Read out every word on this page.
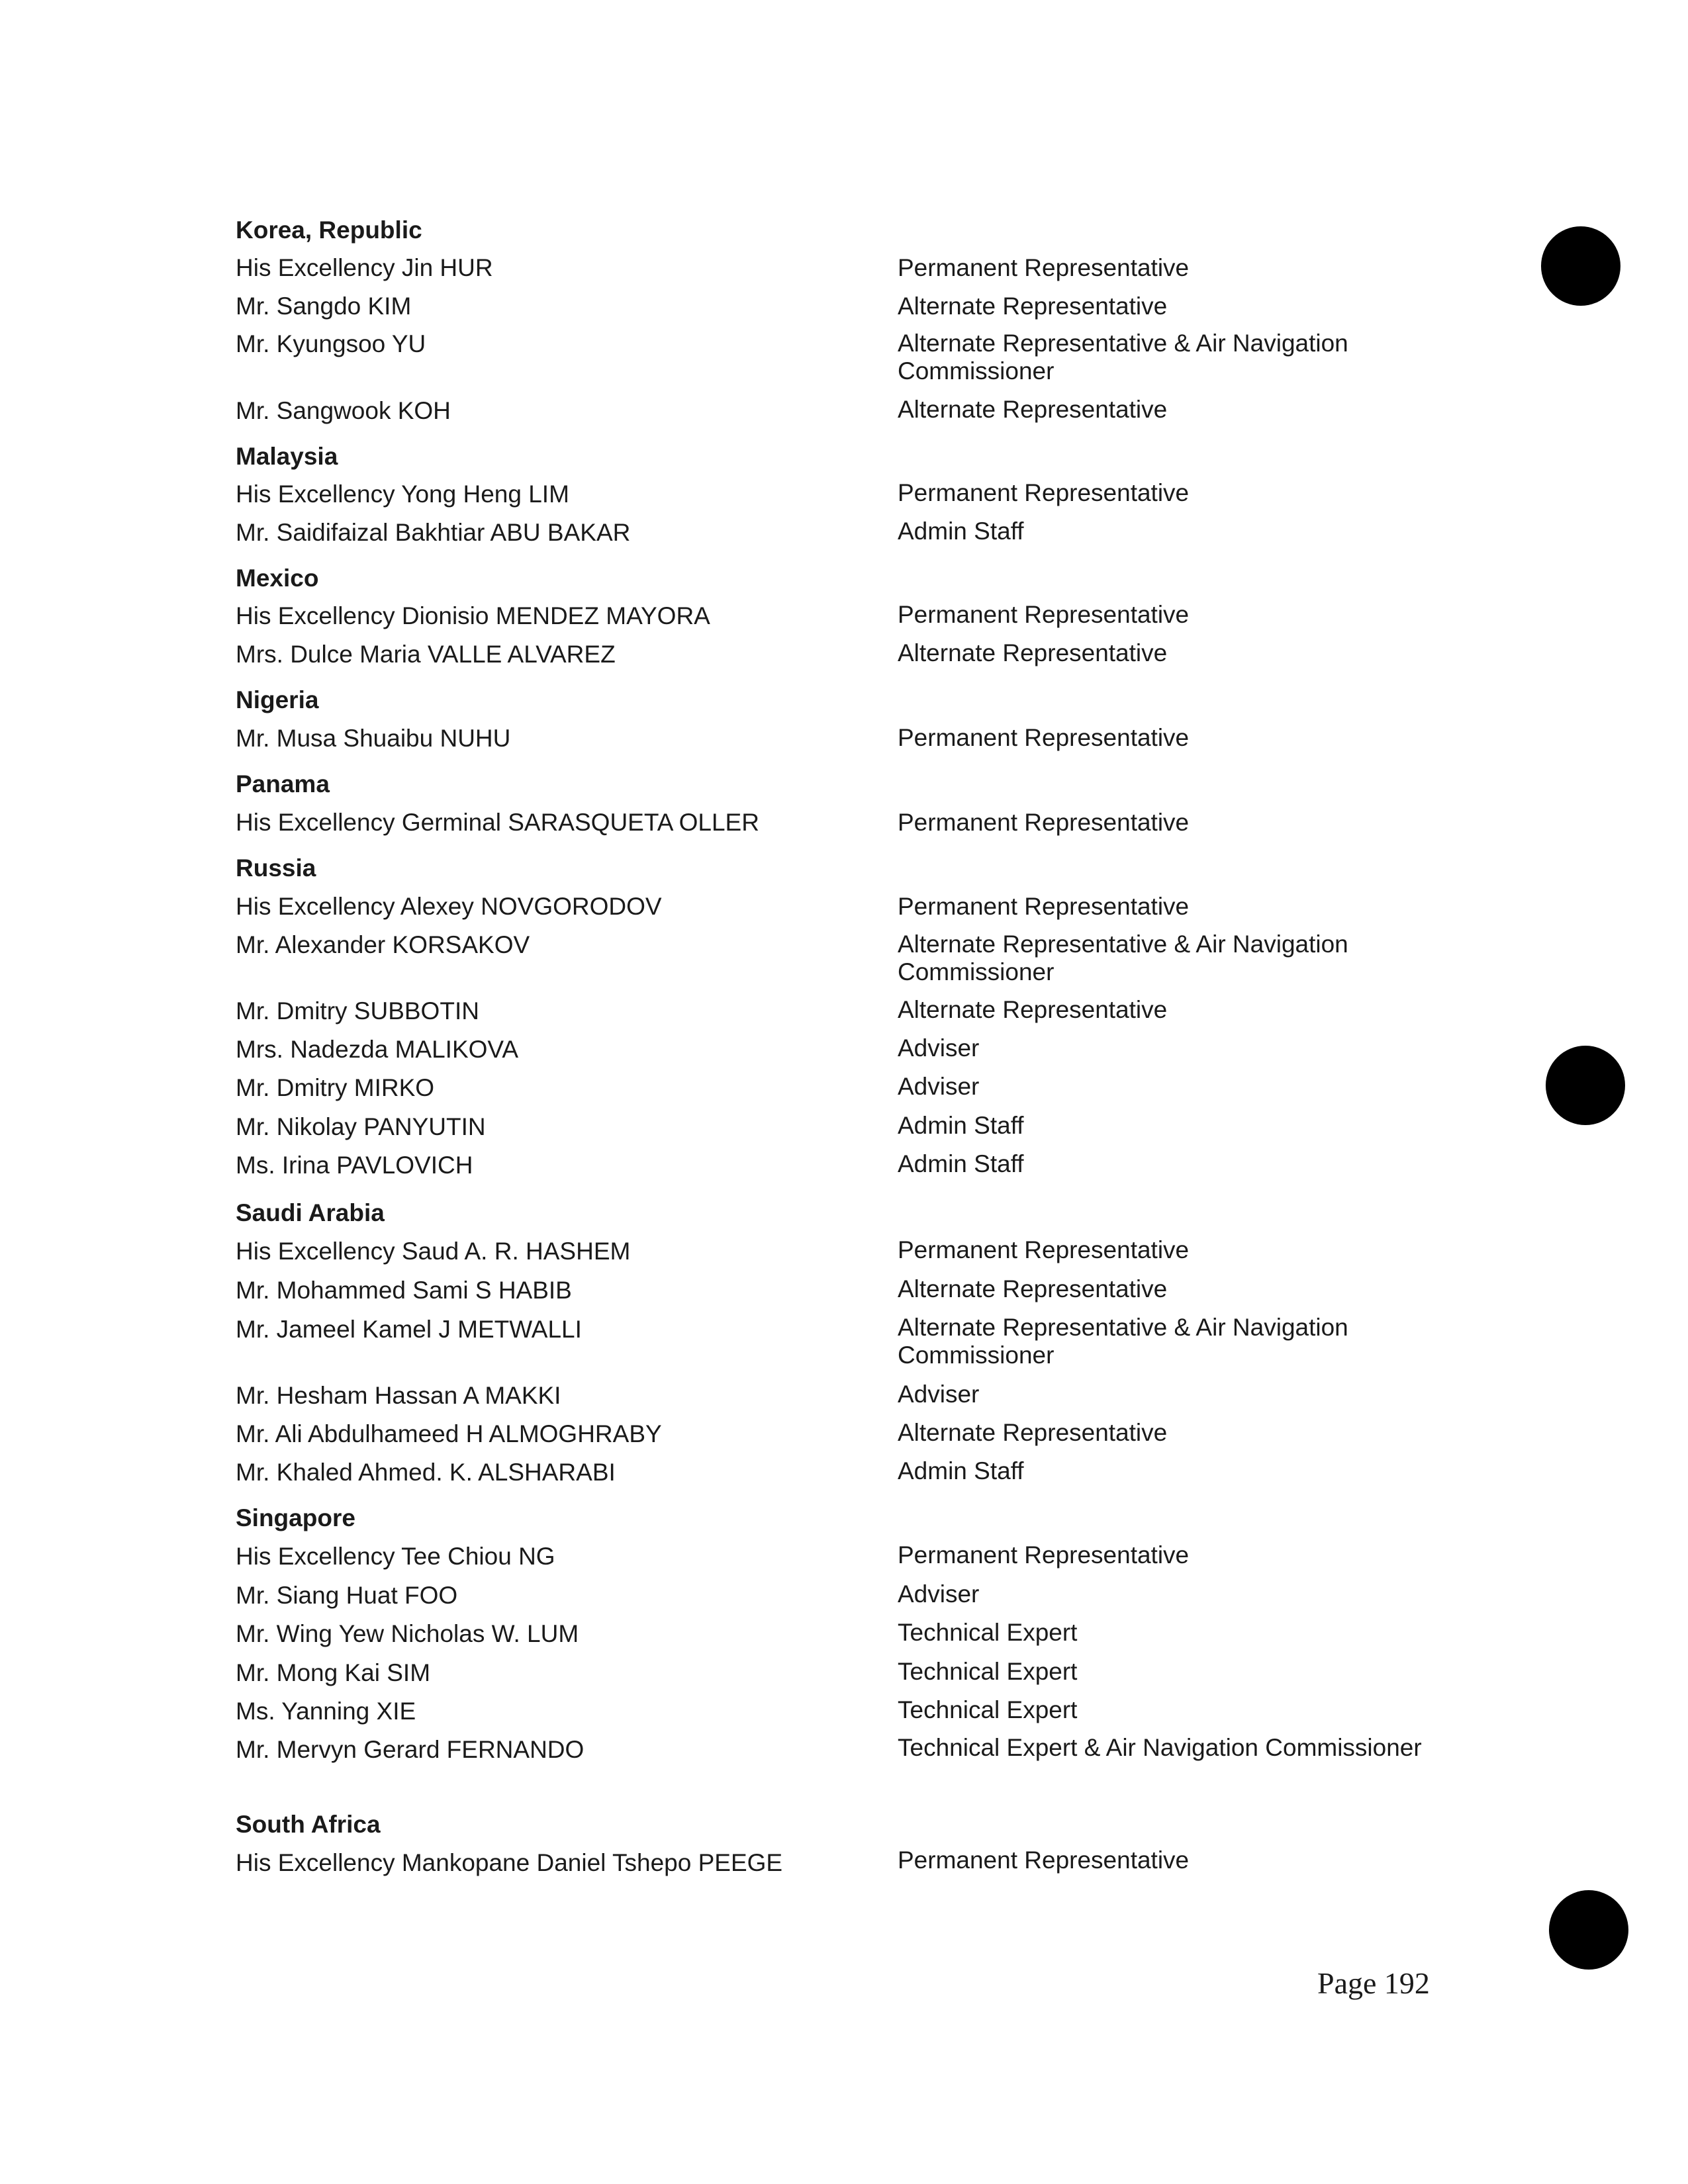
Korea, Republic
His Excellency Jin HUR	Permanent Representative
Mr. Sangdo KIM	Alternate Representative
Mr. Kyungsoo YU	Alternate Representative & Air Navigation Commissioner
Mr. Sangwook KOH	Alternate Representative
Malaysia
His Excellency Yong Heng LIM	Permanent Representative
Mr. Saidifaizal Bakhtiar ABU BAKAR	Admin Staff
Mexico
His Excellency Dionisio MENDEZ MAYORA	Permanent Representative
Mrs. Dulce Maria VALLE ALVAREZ	Alternate Representative
Nigeria
Mr. Musa Shuaibu NUHU	Permanent Representative
Panama
His Excellency Germinal SARASQUETA OLLER	Permanent Representative
Russia
His Excellency Alexey NOVGORODOV	Permanent Representative
Mr. Alexander KORSAKOV	Alternate Representative & Air Navigation Commissioner
Mr. Dmitry SUBBOTIN	Alternate Representative
Mrs. Nadezda MALIKOVA	Adviser
Mr. Dmitry MIRKO	Adviser
Mr. Nikolay PANYUTIN	Admin Staff
Ms. Irina PAVLOVICH	Admin Staff
Saudi Arabia
His Excellency Saud A. R. HASHEM	Permanent Representative
Mr. Mohammed Sami S HABIB	Alternate Representative
Mr. Jameel Kamel J METWALLI	Alternate Representative & Air Navigation Commissioner
Mr. Hesham Hassan A MAKKI	Adviser
Mr. Ali Abdulhameed H ALMOGHRABY	Alternate Representative
Mr. Khaled Ahmed. K. ALSHARABI	Admin Staff
Singapore
His Excellency Tee Chiou NG	Permanent Representative
Mr. Siang Huat FOO	Adviser
Mr. Wing Yew Nicholas W. LUM	Technical Expert
Mr. Mong Kai SIM	Technical Expert
Ms. Yanning XIE	Technical Expert
Mr. Mervyn Gerard FERNANDO	Technical Expert & Air Navigation Commissioner
South Africa
His Excellency Mankopane Daniel Tshepo PEEGE	Permanent Representative
Page 192
